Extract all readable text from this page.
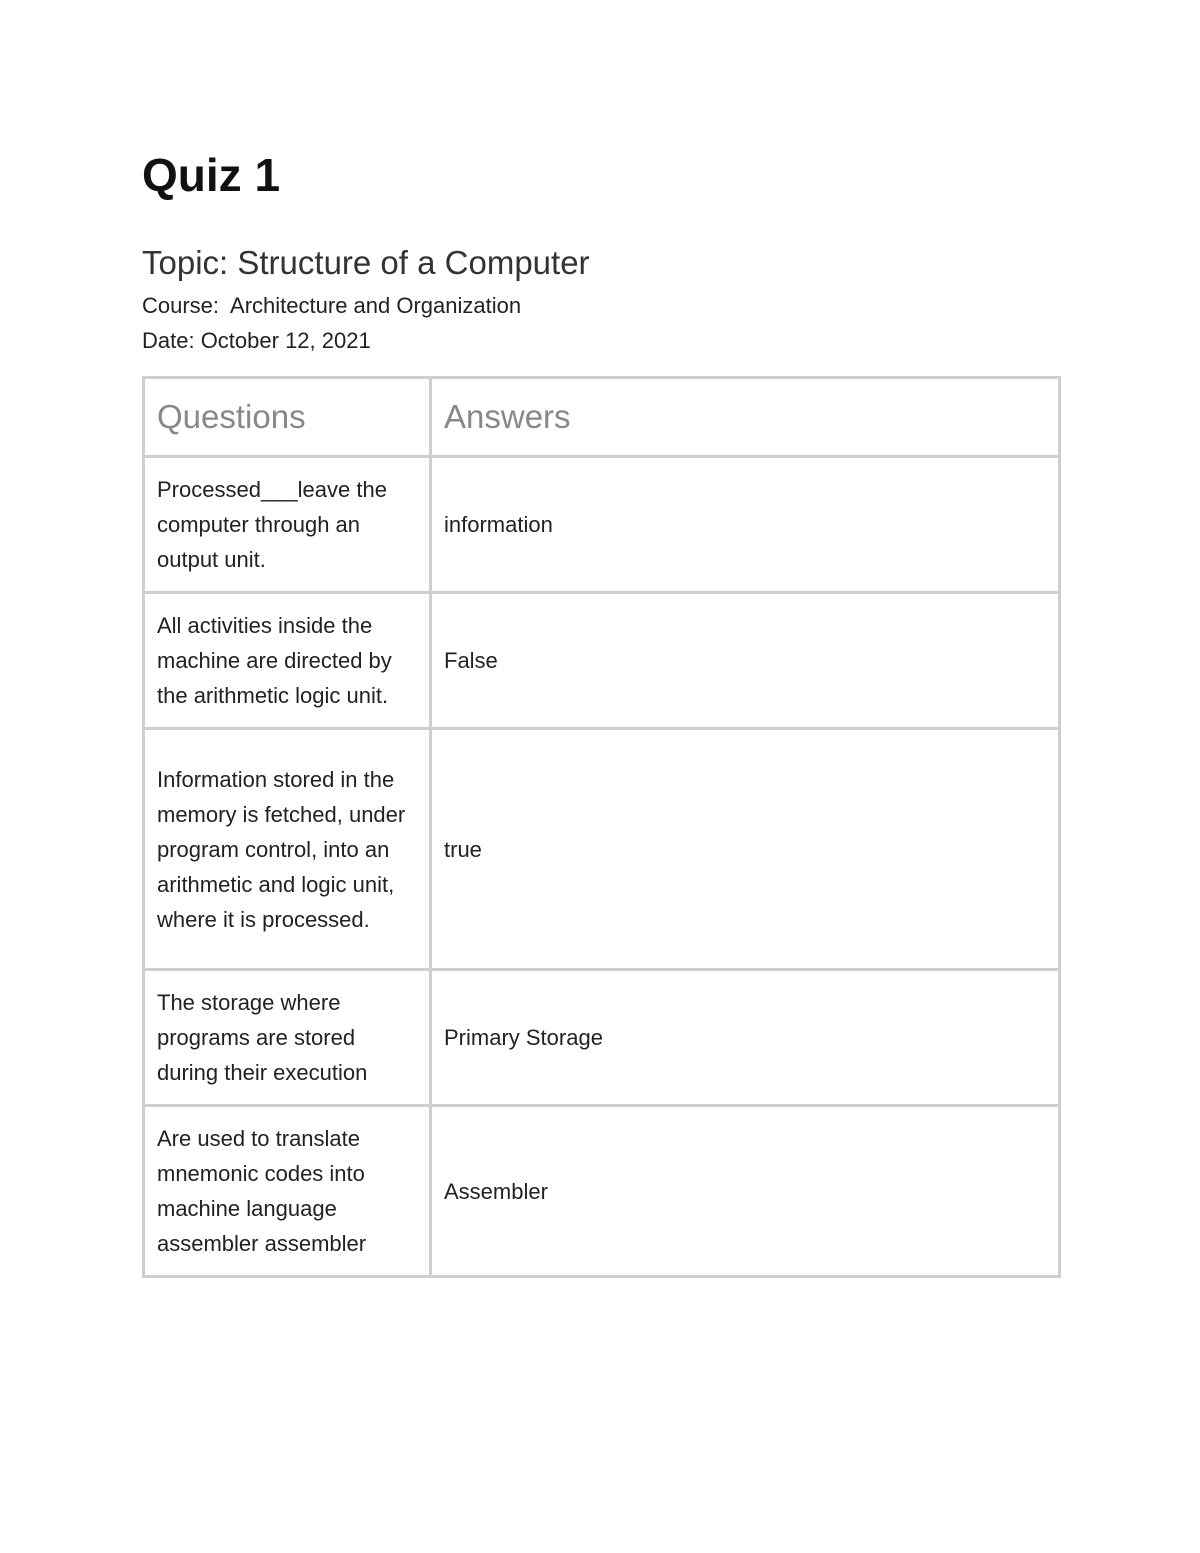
Quiz 1
Topic: Structure of a Computer

Course:  Architecture and Organization

Date: October 12, 2021

Questions	Answers
Processed___leave the computer through an output unit.	information
All activities inside the machine are directed by the arithmetic logic unit.	False
Information stored in the memory is fetched, under program control, into an arithmetic and logic unit, where it is processed.	true
The storage where programs are stored during their execution	Primary Storage
Are used to translate mnemonic codes into machine language assembler assembler	Assembler
